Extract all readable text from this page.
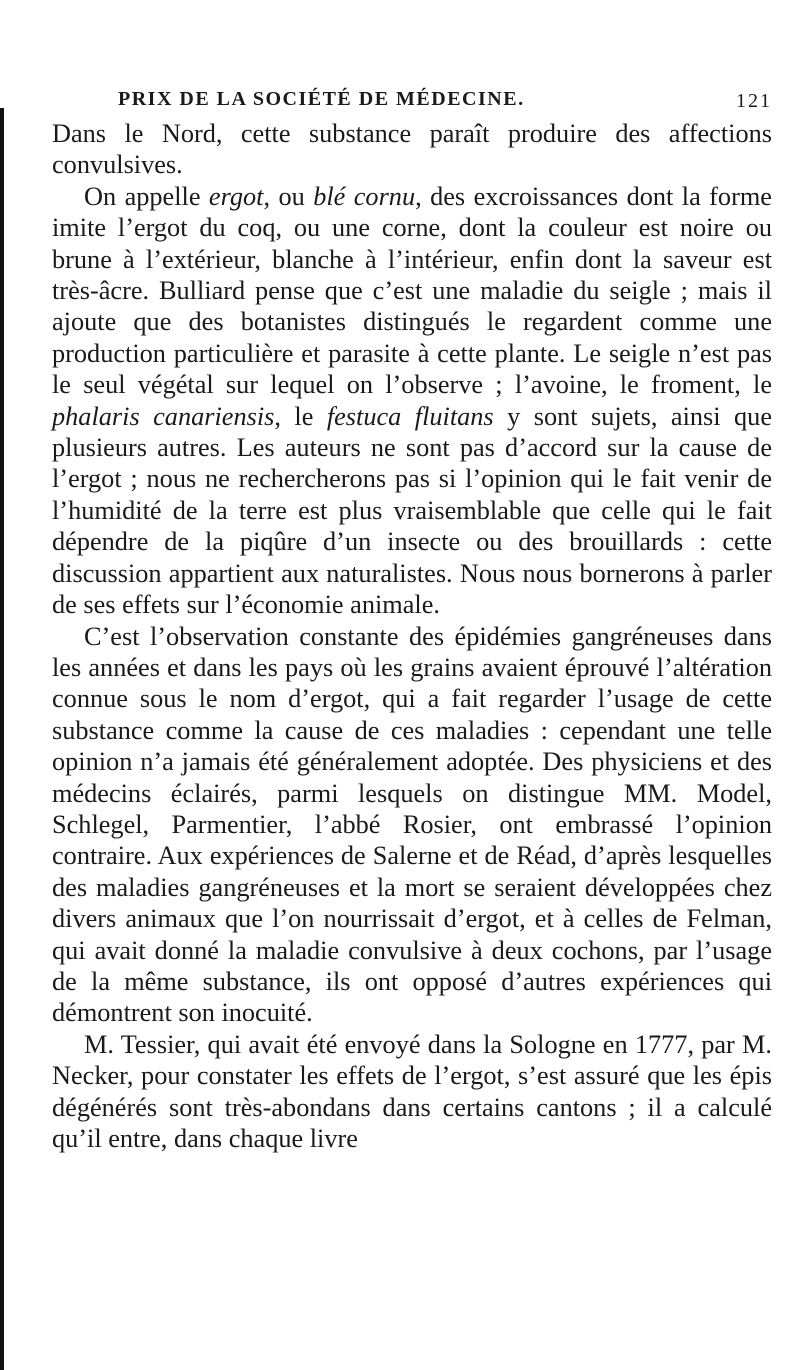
PRIX DE LA SOCIÉTÉ DE MÉDECINE.	121

Dans le Nord, cette substance paraît produire des affections convulsives.

On appelle ergot, ou blé cornu, des excroissances dont la forme imite l’ergot du coq, ou une corne, dont la couleur est noire ou brune à l’extérieur, blanche à l’intérieur, enfin dont la saveur est très-âcre. Bulliard pense que c’est une maladie du seigle ; mais il ajoute que des botanistes distingués le regardent comme une production particulière et parasite à cette plante. Le seigle n’est pas le seul végétal sur lequel on l’observe ; l’avoine, le froment, le phalaris canariensis, le festuca fluitans y sont sujets, ainsi que plusieurs autres. Les auteurs ne sont pas d’accord sur la cause de l’ergot ; nous ne rechercherons pas si l’opinion qui le fait venir de l’humidité de la terre est plus vraisemblable que celle qui le fait dépendre de la piqûre d’un insecte ou des brouillards : cette discussion appartient aux naturalistes. Nous nous bornerons à parler de ses effets sur l’économie animale.

C’est l’observation constante des épidémies gangréneuses dans les années et dans les pays où les grains avaient éprouvé l’altération connue sous le nom d’ergot, qui a fait regarder l’usage de cette substance comme la cause de ces maladies : cependant une telle opinion n’a jamais été généralement adoptée. Des physiciens et des médecins éclairés, parmi lesquels on distingue MM. Model, Schlegel, Parmentier, l’abbé Rosier, ont embrassé l’opinion contraire. Aux expériences de Salerne et de Réad, d’après lesquelles des maladies gangréneuses et la mort se seraient développées chez divers animaux que l’on nourrissait d’ergot, et à celles de Felman, qui avait donné la maladie convulsive à deux cochons, par l’usage de la même substance, ils ont opposé d’autres expériences qui démontrent son inocuité.

M. Tessier, qui avait été envoyé dans la Sologne en 1777, par M. Necker, pour constater les effets de l’ergot, s’est assuré que les épis dégénérés sont très-abondans dans certains cantons ; il a calculé qu’il entre, dans chaque livre
